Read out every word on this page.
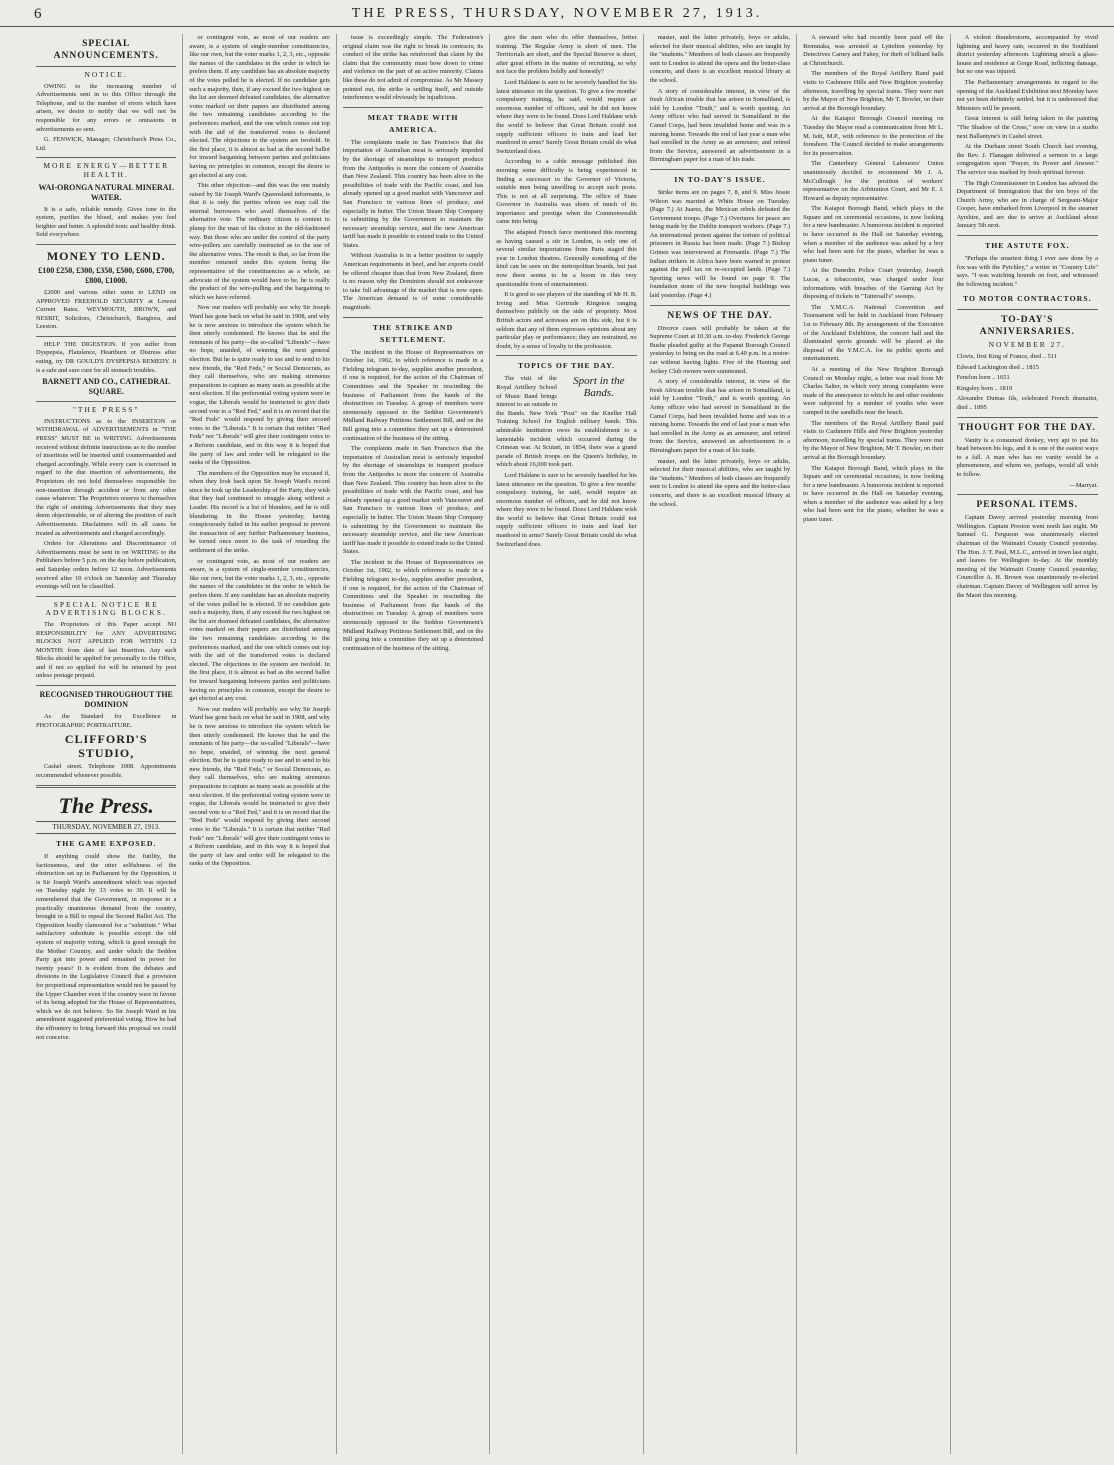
6	THE PRESS, THURSDAY, NOVEMBER 27, 1913.
SPECIAL ANNOUNCEMENTS.
NOTICE.

OWING to the increasing number of Advertisements sent in to this Office through the Telephone, and to the number of errors which have arisen, we desire to notify that we will not be responsible for any errors or omissions in advertisements so sent.

G. FENWICK, Manager, Christchurch Press Co., Ltd.

MORE ENERGY—BETTER HEALTH.
WAI-ORONGA NATURAL MINERAL WATER.

It is a safe, reliable remedy. Gives tone to the system, purifies the blood, and makes you feel brighter and better. A splendid tonic and healthy drink. Sold everywhere.

MONEY TO LEND.
£100 £250, £300, £350, £500, £600, £700, £800, £1000.

£2000 and various other sums to LEND on APPROVED FREEHOLD SECURITY at Lowest Current Rates. WEYMOUTH, BROWN, and NESBIT, Solicitors, Christchurch, Rangiora, and Leeston.

HELP THE DIGESTION. If you suffer from Dyspepsia, Flatulence, Heartburn or Distress after eating, try DR GOULD'S DYSPEPSIA REMEDY. It is a safe and sure cure for all stomach troubles.

BARNETT AND CO., CATHEDRAL SQUARE.
"THE PRESS"

INSTRUCTIONS as to the INSERTION or WITHDRAWAL of ADVERTISEMENTS in "THE PRESS" MUST BE in WRITING. Advertisements received without definite instructions as to the number of insertions will be inserted until countermanded and charged accordingly. While every care is exercised in regard to the due insertion of advertisements, the Proprietors do not hold themselves responsible for non-insertion through accident or from any other cause whatever. The Proprietors reserve to themselves the right of omitting Advertisements that they may deem objectionable, or of altering the position of such Advertisements. Disclaimers will in all cases be treated as advertisements and charged accordingly.

Orders for Alterations and Discontinuance of Advertisements must be sent in on WRITING to the Publishers before 5 p.m. on the day before publication, and Saturday orders before 12 noon. Advertisements received after 10 o'clock on Saturday and Thursday evenings will not be classified.

SPECIAL NOTICE RE ADVERTISING BLOCKS.

The Proprietors of this Paper accept NO RESPONSIBILITY for ANY ADVERTISING BLOCKS NOT APPLIED FOR WITHIN 12 MONTHS from date of last Insertion. Any such Blocks should be applied for personally to the Office, and if not so applied for will be returned by post unless postage prepaid.

RECOGNISED THROUGHOUT THE DOMINION

As the Standard for Excellence in PHOTOGRAPHIC PORTRAITURE.

CLIFFORD'S STUDIO,

Cashel street. Telephone 1008. Appointments recommended whenever possible.

The Press.
THURSDAY, NOVEMBER 27, 1913.
THE GAME EXPOSED.

If anything could show the futility, the factiousness, and the utter selfishness of the obstruction set up in Parliament by the Opposition, it is Sir Joseph Ward's amendment which was rejected on Tuesday night by 33 votes to 30. It will be remembered that the Government, in response to a practically unanimous demand from the country, brought in a Bill to repeal the Second Ballot Act. The Opposition loudly clamoured for a "substitute." What satisfactory substitute is possible except the old system of majority voting, which is good enough for the Mother Country, and under which the Seddon Party got into power and remained in power for twenty years? It is evident from the debates and divisions in the Legislative Council that a provision for proportional representation would not be passed by the Upper Chamber even if the country were in favour of its being adopted for the House of Representatives, which we do not believe. So Sir Joseph Ward in his amendment suggested preferential voting. How he had the effrontery to bring forward this proposal we could not conceive.

or contingent vote, as most of our readers are aware, is a system of single-member constituencies, like our own, but the voter marks 1, 2, 3, etc., opposite the names of the candidates in the order in which he prefers them. If any candidate has an absolute majority of the votes polled he is elected. If no candidate gets such a majority, then, if any exceed the two highest on the list are deemed defeated candidates, the alternative votes marked on their papers are distributed among the two remaining candidates according to the preferences marked, and the one which comes out top with the aid of the transferred votes is declared elected. The objections to the system are twofold. In the first place, it is almost as bad as the second ballot for inward bargaining between parties and politicians having no principles in common, except the desire to get elected at any cost.

This other objection—and this was the one mainly raised by Sir Joseph Ward's Queensland informants, is that it is only the parties whom we may call the internal burrowers who avail themselves of the alternative vote. The ordinary citizen is content to plump for the man of his choice in the old-fashioned way. But those who are under the control of the party wire-pullers are carefully instructed as to the use of the alternative votes. The result is that, so far from the member returned under this system being the representative of the constituencies as a whole, an advocate of the system would have to be, he is really the product of the wire-pulling and the bargaining to which we have referred.

Now our readers will probably see why Sir Joseph Ward has gone back on what he said in 1908, and why he is now anxious to introduce the system which he then utterly condemned. He knows that he and the remnants of his party—the so-called "Liberals"—have no hope, unaided, of winning the next general election. But he is quite ready to use and to send to his new friends, the "Red Feds," or Social Democrats, as they call themselves, who are making strenuous preparations to capture as many seats as possible at the next election. If the preferential voting system were in vogue, the Liberals would be instructed to give their second vote to a "Red Fed," and it is on record that the "Red Feds" would respond by giving their second votes to the "Liberals." It is certain that neither "Red Feds" nor "Liberals" will give their contingent votes to a Reform candidate, and in this way it is hoped that the party of law and order will be relegated to the ranks of the Opposition.

The members of the Opposition may be excused if, when they look back upon Sir Joseph Ward's record since he took up the Leadership of the Party, they wish that they had continued to struggle along without a Leader. His record is a list of blunders, and he is still blundering. In the House yesterday, having conspicuously failed in his earlier proposal to prevent the transaction of any further Parliamentary business, he turned once more to the task of retarding the settlement of the strike.

or contingent vote, as most of our readers are aware, is a system of single-member constituencies, like our own, but the voter marks 1, 2, 3, etc., opposite the names of the candidates in the order in which he prefers them. If any candidate has an absolute majority of the votes polled he is elected. If no candidate gets such a majority, then, if any exceed the two highest on the list are deemed defeated candidates, the alternative votes marked on their papers are distributed among the two remaining candidates according to the preferences marked, and the one which comes out top with the aid of the transferred votes is declared elected. The objections to the system are twofold. In the first place, it is almost as bad as the second ballot for inward bargaining between parties and politicians having no principles in common, except the desire to get elected at any cost.

Now our readers will probably see why Sir Joseph Ward has gone back on what he said in 1908, and why he is now anxious to introduce the system which he then utterly condemned. He knows that he and the remnants of his party—the so-called "Liberals"—have no hope, unaided, of winning the next general election. But he is quite ready to use and to send to his new friends, the "Red Feds," or Social Democrats, as they call themselves, who are making strenuous preparations to capture as many seats as possible at the next election. If the preferential voting system were in vogue, the Liberals would be instructed to give their second vote to a "Red Fed," and it is on record that the "Red Feds" would respond by giving their second votes to the "Liberals." It is certain that neither "Red Feds" nor "Liberals" will give their contingent votes to a Reform candidate, and in this way it is hoped that the party of law and order will be relegated to the ranks of the Opposition.

issue is exceedingly simple. The Federation's original claim was the right to break its contracts; its conduct of the strike has reinforced that claim by the claim that the community must bow down to crime and violence on the part of an active minority. Claims like these do not admit of compromise. As Mr Massey pointed out, the strike is settling itself, and outside interference would obviously be injudicious.

MEAT TRADE WITH AMERICA.

The complaints made in San Francisco that the importation of Australian meat is seriously impeded by the shortage of steamships to transport produce from the Antipodes is more the concern of Australia than New Zealand. This country has been alive to the possibilities of trade with the Pacific coast, and has already opened up a good market with Vancouver and San Francisco in various lines of produce, and especially in butter. The Union Steam Ship Company is submitting by the Government to maintain the necessary steamship service, and the new American tariff has made it possible to extend trade to the United States.

Without Australia is in a better position to supply American requirements in beef, and her exports could be offered cheaper than that from New Zealand, there is no reason why the Dominion should not endeavour to take full advantage of the market that is now open. The American demand is of some considerable magnitude.

THE STRIKE AND SETTLEMENT.

The incident in the House of Representatives on October 1st, 1902, to which reference is made in a Fielding telegram to-day, supplies another precedent, if one is required, for the action of the Chairman of Committees and the Speaker in rescinding the business of Parliament from the hands of the obstructives on Tuesday. A group of members were strenuously opposed to the Seddon Government's Midland Railway Petitions Settlement Bill, and on the Bill going into a committee they set up a determined continuation of the business of the sitting.

The complaints made in San Francisco that the importation of Australian meat is seriously impeded by the shortage of steamships to transport produce from the Antipodes is more the concern of Australia than New Zealand. This country has been alive to the possibilities of trade with the Pacific coast, and has already opened up a good market with Vancouver and San Francisco in various lines of produce, and especially in butter. The Union Steam Ship Company is submitting by the Government to maintain the necessary steamship service, and the new American tariff has made it possible to extend trade to the United States.

The incident in the House of Representatives on October 1st, 1902, to which reference is made in a Fielding telegram to-day, supplies another precedent, if one is required, for the action of the Chairman of Committees and the Speaker in rescinding the business of Parliament from the hands of the obstructives on Tuesday. A group of members were strenuously opposed to the Seddon Government's Midland Railway Petitions Settlement Bill, and on the Bill going into a committee they set up a determined continuation of the business of the sitting.

give the men who do offer themselves, better training. The Regular Army is short of men. The Territorials are short, and the Special Reserve is short, after great efforts in the matter of recruiting, so why not face the problem boldly and honestly?

Lord Haldane is sure to be severely handled for his latest utterance on the question. To give a few months' compulsory training, he said, would require an enormous number of officers, and he did not know where they were to be found. Does Lord Haldane wish the world to believe that Great Britain could not supply sufficient officers to train and lead her manhood in arms? Surely Great Britain could do what Switzerland does.

According to a cable message published this morning some difficulty is being experienced in finding a successor to the Governor of Victoria, suitable men being unwilling to accept such posts. This is not at all surprising. The office of State Governor in Australia was shorn of much of its importance and prestige when the Commonwealth came into being.

The adapted French farce mentioned this morning as having caused a stir in London, is only one of several similar importations from Paris staged this year in London theatres. Generally something of the kind can be seen on the metropolitan boards, but just now there seems to be a boom in this very questionable form of entertainment.

It is good to see players of the standing of Mr H. B. Irving and Miss Gertrude Kingston ranging themselves publicly on the side of propriety. Most British actors and actresses are on this side, but it is seldom that any of them expresses opinions about any particular play or performance; they are restrained, no doubt, by a sense of loyalty to the profession.

TOPICS OF THE DAY.
Sport in the Bands.

The visit of the Royal Artillery School of Music Band brings interest to an outside in the Bands. New York "Post" on the Kneller Hall Training School for English military bands. This admirable institution owes its establishment to a lamentable incident which occurred during the Crimean war. At Scutari, in 1854, there was a grand parade of British troops on the Queen's birthday, in which about 16,000 took part.

Lord Haldane is sure to be severely handled for his latest utterance on the question. To give a few months' compulsory training, he said, would require an enormous number of officers, and he did not know where they were to be found. Does Lord Haldane wish the world to believe that Great Britain could not supply sufficient officers to train and lead her manhood in arms? Surely Great Britain could do what Switzerland does.

master, and the latter privately, boys or adults, selected for their musical abilities, who are taught by the "students." Members of both classes are frequently sent to London to attend the opera and the better-class concerts, and there is an excellent musical library at the school.

A story of considerable interest, in view of the fresh African trouble that has arisen in Somaliland, is told by London "Truth," and is worth quoting. An Army officer who had served in Somaliland in the Camel Corps, had been invalided home and was in a nursing home. Towards the end of last year a man who had enrolled in the Army as an armourer, and retired from the Service, answered an advertisement in a Birmingham paper for a man of his trade.

IN TO-DAY'S ISSUE.

Strike items are on pages 7, 8, and 9. Miss Jessie Wilson was married at White House on Tuesday. (Page 7.) At Juarez, the Mexican rebels defeated the Government troops. (Page 7.) Overtures for peace are being made by the Dublin transport workers. (Page 7.) An international protest against the torture of political prisoners in Russia has been made. (Page 7.) Bishop Grimes was interviewed at Fremantle. (Page 7.) The Indian strikers in Africa have been warned to protest against the poll tax on re-occupied lands. (Page 7.) Sporting news will be found on page 9. The foundation stone of the new hospital buildings was laid yesterday. (Page 4.)

NEWS OF THE DAY.

Divorce cases will probably be taken at the Supreme Court at 10.30 a.m. to-day. Frederick George Bushe pleaded guilty at the Papanui Borough Council yesterday to being on the road at 6.40 p.m. in a motor-car without having lights. Five of the Hunting and Jockey Club owners were summoned.

A story of considerable interest, in view of the fresh African trouble that has arisen in Somaliland, is told by London "Truth," and is worth quoting. An Army officer who had served in Somaliland in the Camel Corps, had been invalided home and was in a nursing home. Towards the end of last year a man who had enrolled in the Army as an armourer, and retired from the Service, answered an advertisement in a Birmingham paper for a man of his trade.

master, and the latter privately, boys or adults, selected for their musical abilities, who are taught by the "students." Members of both classes are frequently sent to London to attend the opera and the better-class concerts, and there is an excellent musical library at the school.

A steward who had recently been paid off the Remutaka, was arrested at Lyttelton yesterday by Detectives Carney and Fahey, for theft of billiard balls at Christchurch.

The members of the Royal Artillery Band paid visits to Cashmere Hills and New Brighton yesterday afternoon, travelling by special trams. They were met by the Mayor of New Brighton, Mr T. Bowler, on their arrival at the Borough boundary.

At the Kaiapoi Borough Council meeting on Tuesday the Mayor read a communication from Mr L. M. Isitt, M.P., with reference to the protection of the foreshore. The Council decided to make arrangements for its preservation.

The Canterbury General Labourers' Union unanimously decided to recommend Mr J. A. McCullough for the position of workers' representative on the Arbitration Court, and Mr E. J. Howard as deputy representative.

The Kaiapoi Borough Band, which plays in the Square and on ceremonial occasions, is now looking for a new bandmaster. A humorous incident is reported to have occurred in the Hall on Saturday evening, when a member of the audience was asked by a boy who had been sent for the piano, whether he was a piano tuner.

At the Dunedin Police Court yesterday, Joseph Lucas, a tobacconist, was charged under four informations with breaches of the Gaming Act by disposing of tickets in "Tattersall's" sweeps.

The Y.M.C.A. National Convention and Tournament will be held in Auckland from February 1st to February 8th. By arrangement of the Executive of the Auckland Exhibition, the concert hall and the illuminated sports grounds will be placed at the disposal of the Y.M.C.A. for its public sports and entertainment.

At a meeting of the New Brighton Borough Council on Monday night, a letter was read from Mr Charles Salter, in which very strong complaints were made of the annoyance to which he and other residents were subjected by a number of youths who were camped in the sandhills near the beach.

The members of the Royal Artillery Band paid visits to Cashmere Hills and New Brighton yesterday afternoon, travelling by special trams. They were met by the Mayor of New Brighton, Mr T. Bowler, on their arrival at the Borough boundary.

The Kaiapoi Borough Band, which plays in the Square and on ceremonial occasions, is now looking for a new bandmaster. A humorous incident is reported to have occurred in the Hall on Saturday evening, when a member of the audience was asked by a boy who had been sent for the piano, whether he was a piano tuner.

A violent thunderstorm, accompanied by vivid lightning and heavy rain, occurred in the Southland district yesterday afternoon. Lightning struck a glass-house and residence at Gorge Road, inflicting damage, but no one was injured.

The Parliamentary arrangements in regard to the opening of the Auckland Exhibition next Monday have not yet been definitely settled, but it is understood that Ministers will be present.

Great interest is still being taken in the painting "The Shadow of the Cross," now on view in a studio next Ballantyne's in Cashel street.

At the Durham street South Church last evening, the Rev. J. Flanagan delivered a sermon to a large congregation upon "Prayer, its Power and Answer." The service was marked by fresh spiritual fervour.

The High Commissioner in London has advised the Department of Immigration that the ten boys of the Church Army, who are in charge of Sergeant-Major Cooper, have embarked from Liverpool in the steamer Ayrshire, and are due to arrive at Auckland about January 5th next.

THE ASTUTE FOX.

"Perhaps the smartest thing I ever saw done by a fox was with the Pytchley," a writer in "Country Life" says. "I was watching hounds on foot, and witnessed the following incident."

TO MOTOR CONTRACTORS.
TO-DAY'S ANNIVERSARIES.
NOVEMBER 27.

Clovis, first King of France, died .. 511

Edward Lackington died .. 1815

Fenelon born .. 1651

Kingsley born .. 1819

Alexandre Dumas fils, celebrated French dramatist, died .. 1895

THOUGHT FOR THE DAY.

Vanity is a consumed donkey, very apt to put his head between his legs, and it is one of the easiest ways to a fall. A man who has no vanity would be a phenomenon, and whom we, perhaps, would all wish to follow.

—Marryat.

PERSONAL ITEMS.

Captain Davey arrived yesterday morning from Wellington. Captain Preston went north last night. Mr Samuel G. Ferguson was unanimously elected chairman of the Waimairi County Council yesterday. The Hon. J. T. Paul, M.L.C., arrived in town last night, and leaves for Wellington to-day. At the monthly meeting of the Waimairi County Council yesterday, Councillor A. H. Brown was unanimously re-elected chairman. Captain Davey of Wellington will arrive by the Maori this morning.
